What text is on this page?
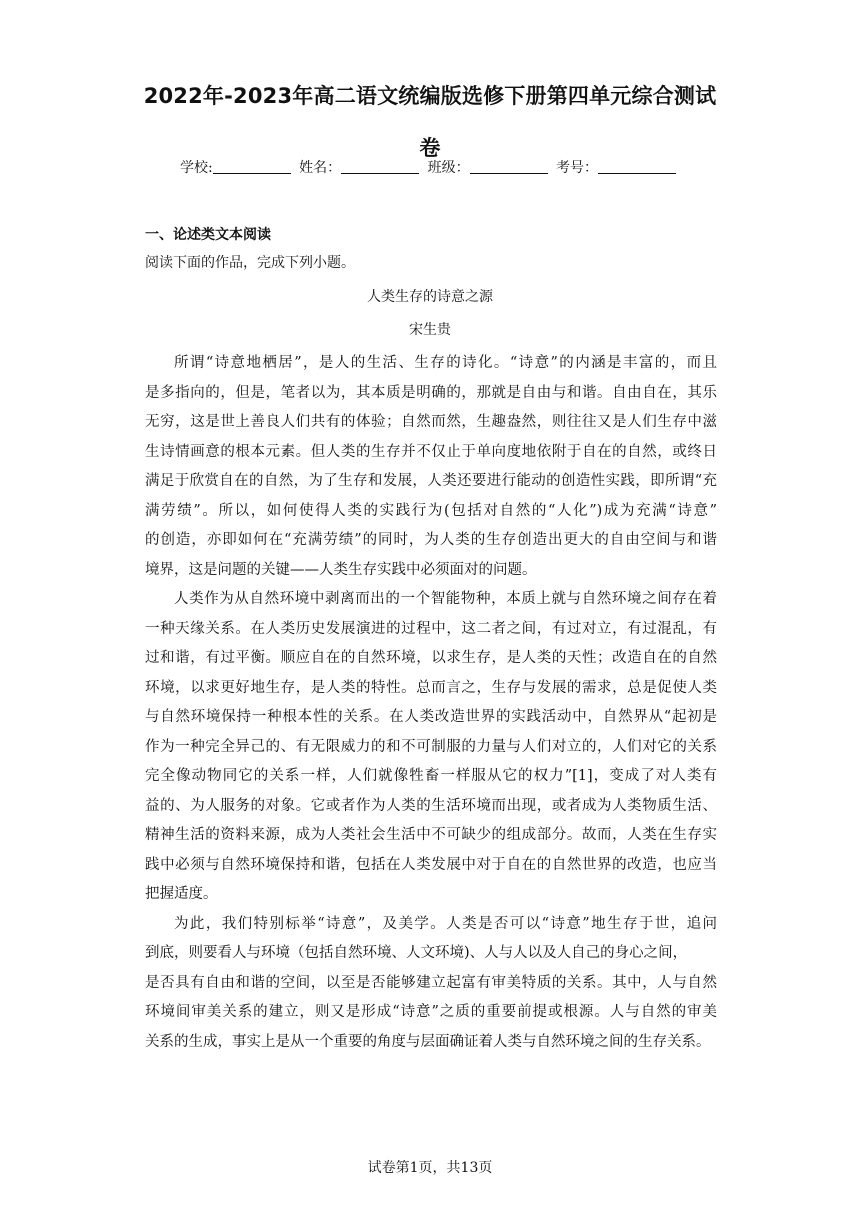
2022年-2023年高二语文统编版选修下册第四单元综合测试
卷
学校:	姓名：	班级：	考号：
一、论述类文本阅读
阅读下面的作品，完成下列小题。
人类生存的诗意之源
宋生贵
所谓“诗意地栖居”，是人的生活、生存的诗化。“诗意”的内涵是丰富的，而且
是多指向的，但是，笔者以为，其本质是明确的，那就是自由与和谐。自由自在，其乐
无穷，这是世上善良人们共有的体验；自然而然，生趣盎然，则往往又是人们生存中滋
生诗情画意的根本元素。但人类的生存并不仅止于单向度地依附于自在的自然，或终日
满足于欣赏自在的自然，为了生存和发展，人类还要进行能动的创造性实践，即所谓“充
满劳绩”。所以，如何使得人类的实践行为(包括对自然的“人化”)成为充满“诗意”
的创造，亦即如何在“充满劳绩”的同时，为人类的生存创造出更大的自由空间与和谐
境界，这是问题的关键——人类生存实践中必须面对的问题。
人类作为从自然环境中剥离而出的一个智能物种，本质上就与自然环境之间存在着
一种天缘关系。在人类历史发展演进的过程中，这二者之间，有过对立，有过混乱，有
过和谐，有过平衡。顺应自在的自然环境，以求生存，是人类的天性；改造自在的自然
环境，以求更好地生存，是人类的特性。总而言之，生存与发展的需求，总是促使人类
与自然环境保持一种根本性的关系。在人类改造世界的实践活动中，自然界从“起初是
作为一种完全异己的、有无限威力的和不可制服的力量与人们对立的，人们对它的关系
完全像动物同它的关系一样，人们就像牲畜一样服从它的权力”[1]，变成了对人类有
益的、为人服务的对象。它或者作为人类的生活环境而出现，或者成为人类物质生活、
精神生活的资料来源，成为人类社会生活中不可缺少的组成部分。故而，人类在生存实
践中必须与自然环境保持和谐，包括在人类发展中对于自在的自然世界的改造，也应当
把握适度。
为此，我们特别标举“诗意”，及美学。人类是否可以“诗意”地生存于世，追问
到底，则要看人与环境（包括自然环境、人文环境)、人与人以及人自己的身心之间，
是否具有自由和谐的空间，以至是否能够建立起富有审美特质的关系。其中，人与自然
环境间审美关系的建立，则又是形成“诗意”之质的重要前提或根源。人与自然的审美
关系的生成，事实上是从一个重要的角度与层面确证着人类与自然环境之间的生存关系。
试卷第1页，共13页
